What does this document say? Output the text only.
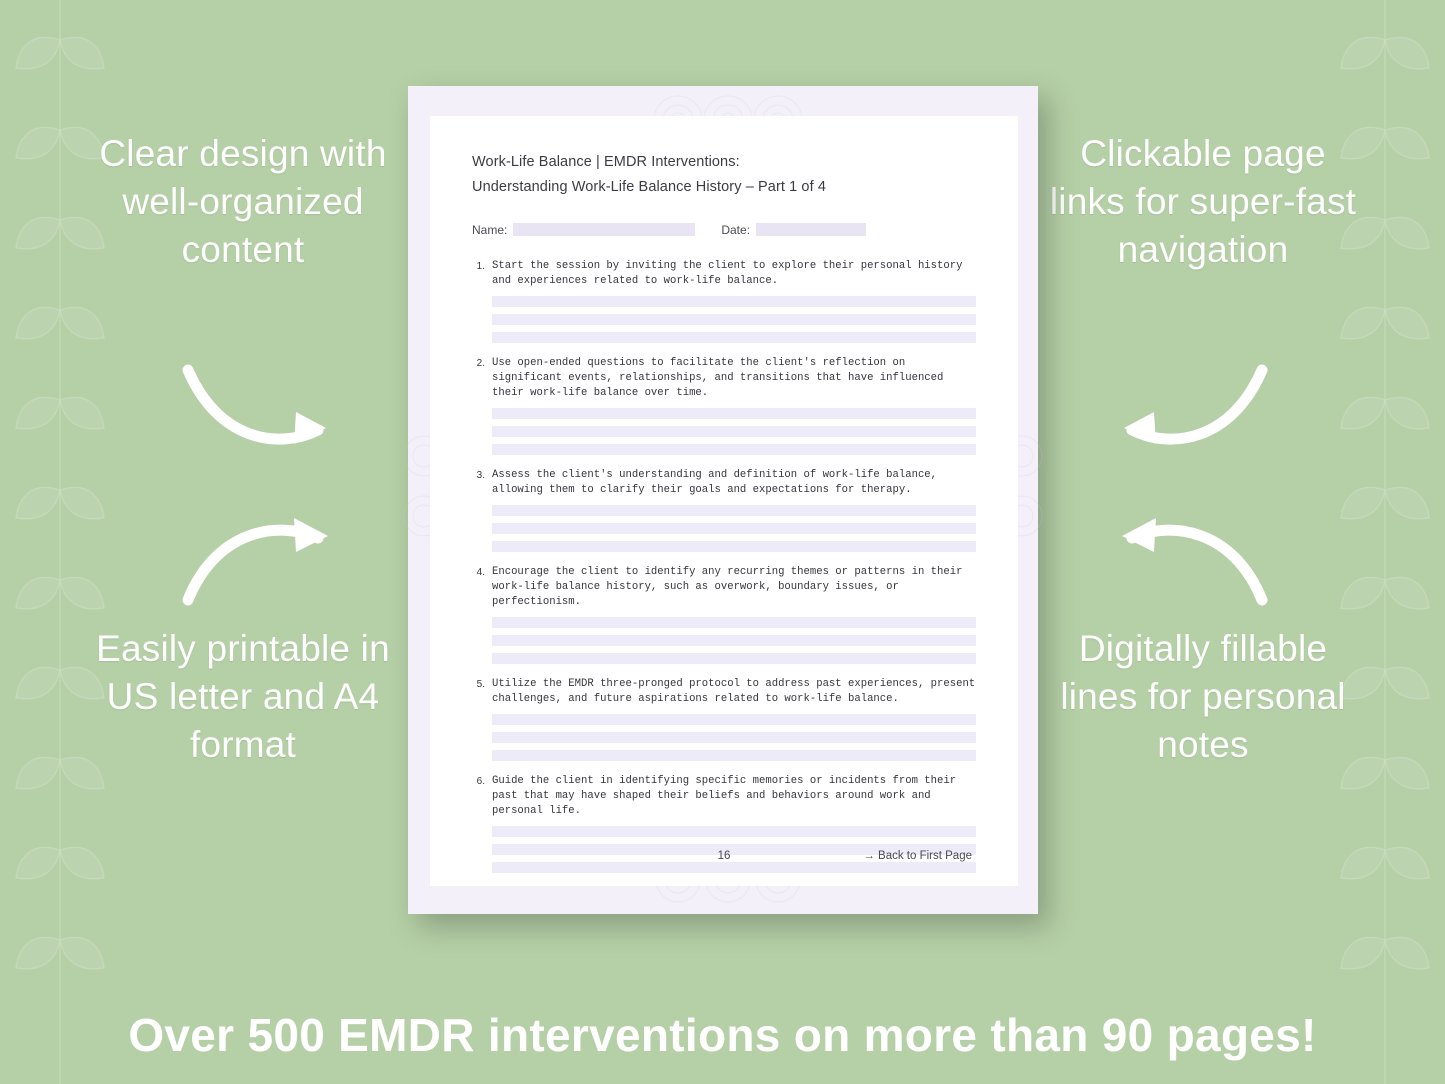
Clear design with well-organized content
Easily printable in US letter and A4 format
Clickable page links for super-fast navigation
Digitally fillable lines for personal notes
Work-Life Balance | EMDR Interventions:
Understanding Work-Life Balance History – Part 1 of 4
Name:	Date:
1. Start the session by inviting the client to explore their personal history and experiences related to work-life balance.
2. Use open-ended questions to facilitate the client's reflection on significant events, relationships, and transitions that have influenced their work-life balance over time.
3. Assess the client's understanding and definition of work-life balance, allowing them to clarify their goals and expectations for therapy.
4. Encourage the client to identify any recurring themes or patterns in their work-life balance history, such as overwork, boundary issues, or perfectionism.
5. Utilize the EMDR three-pronged protocol to address past experiences, present challenges, and future aspirations related to work-life balance.
6. Guide the client in identifying specific memories or incidents from their past that may have shaped their beliefs and behaviors around work and personal life.
16	→ Back to First Page
Over 500 EMDR interventions on more than 90 pages!
